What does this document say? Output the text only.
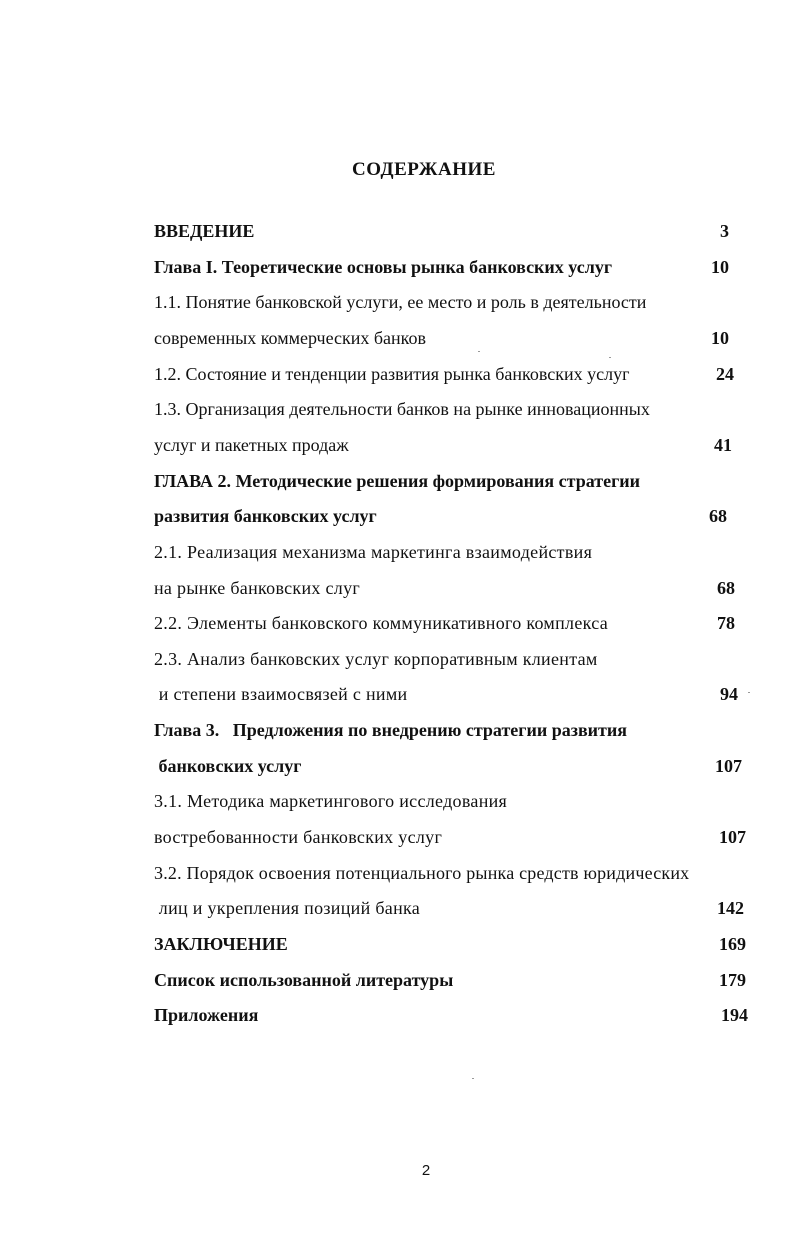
СОДЕРЖАНИЕ
ВВЕДЕНИЕ	3
Глава I. Теоретические основы рынка банковских услуг	10
1.1. Понятие банковской услуги, ее место и роль в деятельности
современных коммерческих банков	10
1.2. Состояние и тенденции развития рынка банковских услуг	24
1.3. Организация деятельности банков на рынке инновационных
услуг и пакетных продаж	41
ГЛАВА 2. Методические решения формирования стратегии
развития банковских услуг	68
2.1. Реализация механизма маркетинга взаимодействия
на рынке банковских слуг	68
2.2. Элементы банковского коммуникативного комплекса	78
2.3. Анализ банковских услуг корпоративным клиентам
и степени взаимосвязей с ними	94
Глава 3.   Предложения по внедрению стратегии развития
банковских услуг	107
3.1. Методика маркетингового исследования
востребованности банковских услуг	107
3.2. Порядок освоения потенциального рынка средств юридических
лиц и укрепления позиций банка	142
ЗАКЛЮЧЕНИЕ	169
Список использованной литературы	179
Приложения	194
2
